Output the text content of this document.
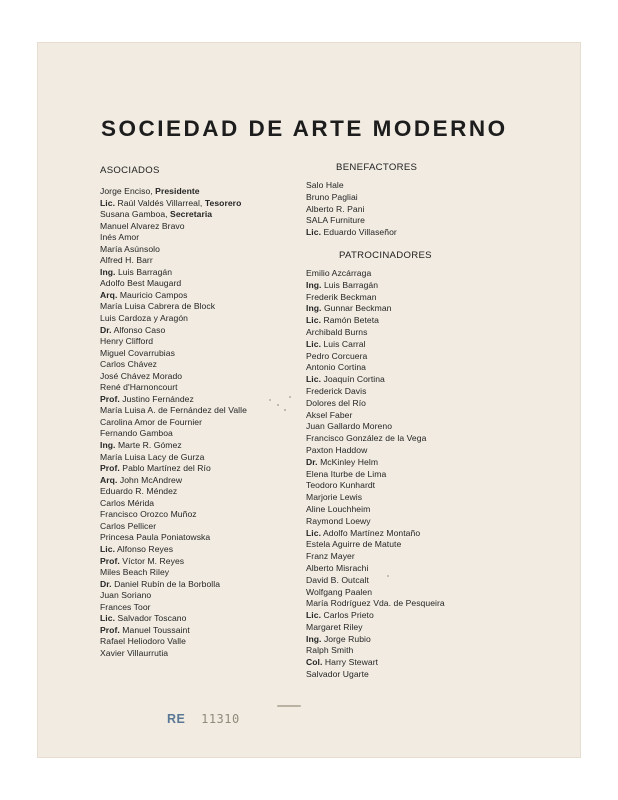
SOCIEDAD DE ARTE MODERNO
ASOCIADOS
Jorge Enciso, Presidente
Lic. Raúl Valdés Villarreal, Tesorero
Susana Gamboa, Secretaria
Manuel Alvarez Bravo
Inés Amor
María Asúnsolo
Alfred H. Barr
Ing. Luis Barragán
Adolfo Best Maugard
Arq. Mauricio Campos
María Luisa Cabrera de Block
Luis Cardoza y Aragón
Dr. Alfonso Caso
Henry Clifford
Miguel Covarrubias
Carlos Chávez
José Chávez Morado
René d'Harnoncourt
Prof. Justino Fernández
María Luisa A. de Fernández del Valle
Carolina Amor de Fournier
Fernando Gamboa
Ing. Marte R. Gómez
María Luisa Lacy de Gurza
Prof. Pablo Martínez del Río
Arq. John McAndrew
Eduardo R. Méndez
Carlos Mérida
Francisco Orozco Muñoz
Carlos Pellicer
Princesa Paula Poniatowska
Lic. Alfonso Reyes
Prof. Víctor M. Reyes
Miles Beach Riley
Dr. Daniel Rubín de la Borbolla
Juan Soriano
Frances Toor
Lic. Salvador Toscano
Prof. Manuel Toussaint
Rafael Heliodoro Valle
Xavier Villaurrutia
BENEFACTORES
Salo Hale
Bruno Pagliai
Alberto R. Pani
SALA Furniture
Lic. Eduardo Villaseñor
PATROCINADORES
Emilio Azcárraga
Ing. Luis Barragán
Frederik Beckman
Ing. Gunnar Beckman
Lic. Ramón Beteta
Archibald Burns
Lic. Luis Carral
Pedro Corcuera
Antonio Cortina
Lic. Joaquín Cortina
Frederick Davis
Dolores del Río
Aksel Faber
Juan Gallardo Moreno
Francisco González de la Vega
Paxton Haddow
Dr. McKinley Helm
Elena Iturbe de Lima
Teodoro Kunhardt
Marjorie Lewis
Aline Louchheim
Raymond Loewy
Lic. Adolfo Martínez Montaño
Estela Aguirre de Matute
Franz Mayer
Alberto Misrachi
David B. Outcalt
Wolfgang Paalen
María Rodríguez Vda. de Pesqueira
Lic. Carlos Prieto
Margaret Riley
Ing. Jorge Rubio
Ralph Smith
Col. Harry Stewart
Salvador Ugarte
RE 11310
